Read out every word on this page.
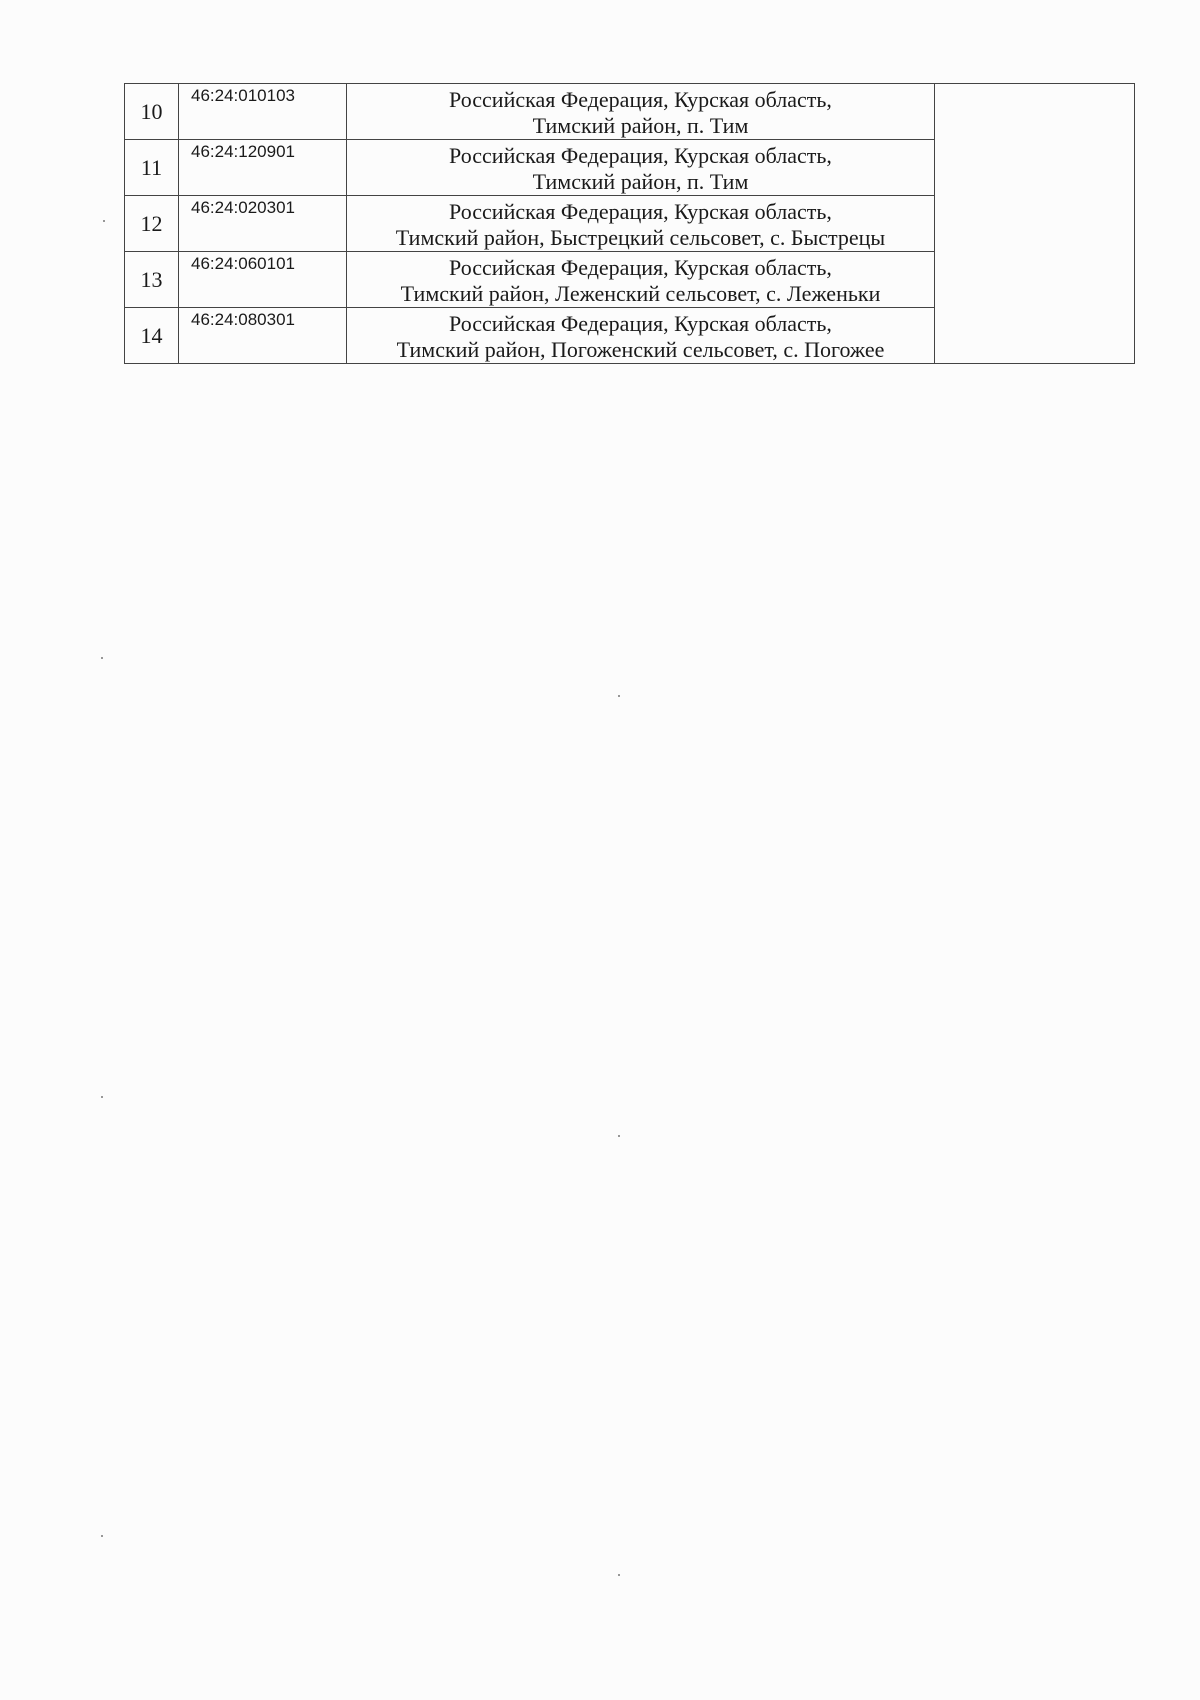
10	46:24:010103	Российская Федерация, Курская область,
Тимский район, п. Тим	

11	46:24:120901	Российская Федерация, Курская область,
Тимский район, п. Тим	

12	46:24:020301	Российская Федерация, Курская область,
Тимский район, Быстрецкий сельсовет, с. Быстрецы	

13	46:24:060101	Российская Федерация, Курская область,
Тимский район, Леженский сельсовет, с. Леженьки	

14	46:24:080301	Российская Федерация, Курская область,
Тимский район, Погоженский сельсовет, с. Погожее	
